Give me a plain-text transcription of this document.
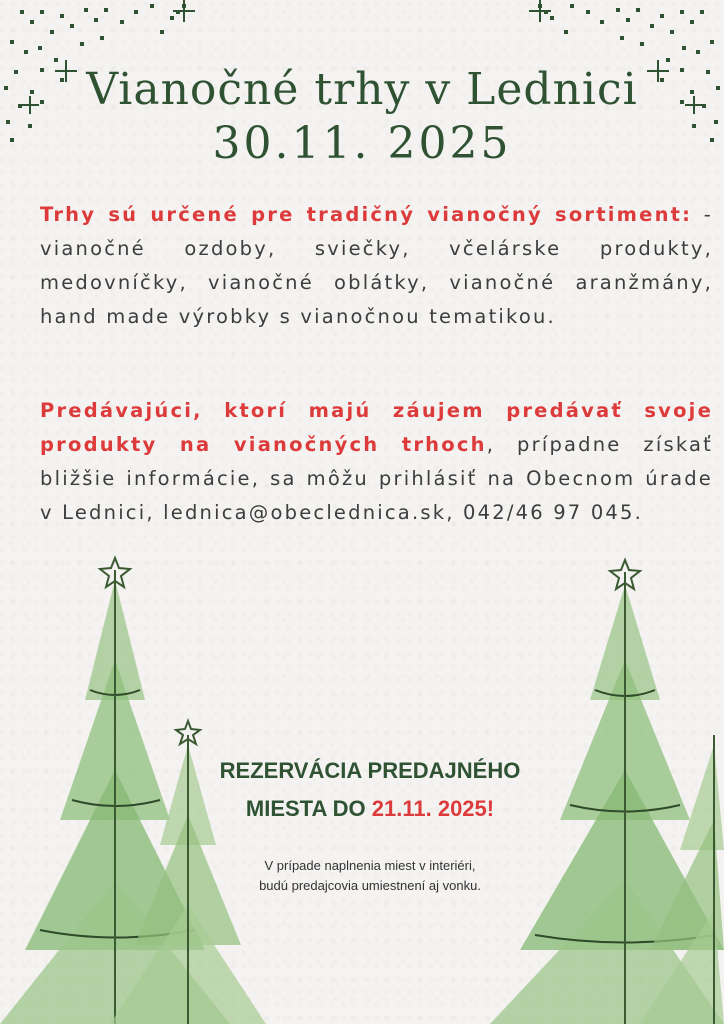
Vianočné trhy v Lednici
30.11. 2025
Trhy sú určené pre tradičný vianočný sortiment: -vianočné ozdoby, sviečky, včelárske produkty, medovníčky, vianočné oblátky, vianočné aranžmány, hand made výrobky s vianočnou tematikou.
Predávajúci, ktorí majú záujem predávať svoje produkty na vianočných trhoch, prípadne získať bližšie informácie, sa môžu prihlásiť na Obecnom úrade v Lednici, lednica@obeclednica.sk, 042/46 97 045.
REZERVÁCIA PREDAJNÉHO
MIESTA DO 21.11. 2025!
V prípade naplnenia miest v interiéri,
budú predajcovia umiestnení aj vonku.
